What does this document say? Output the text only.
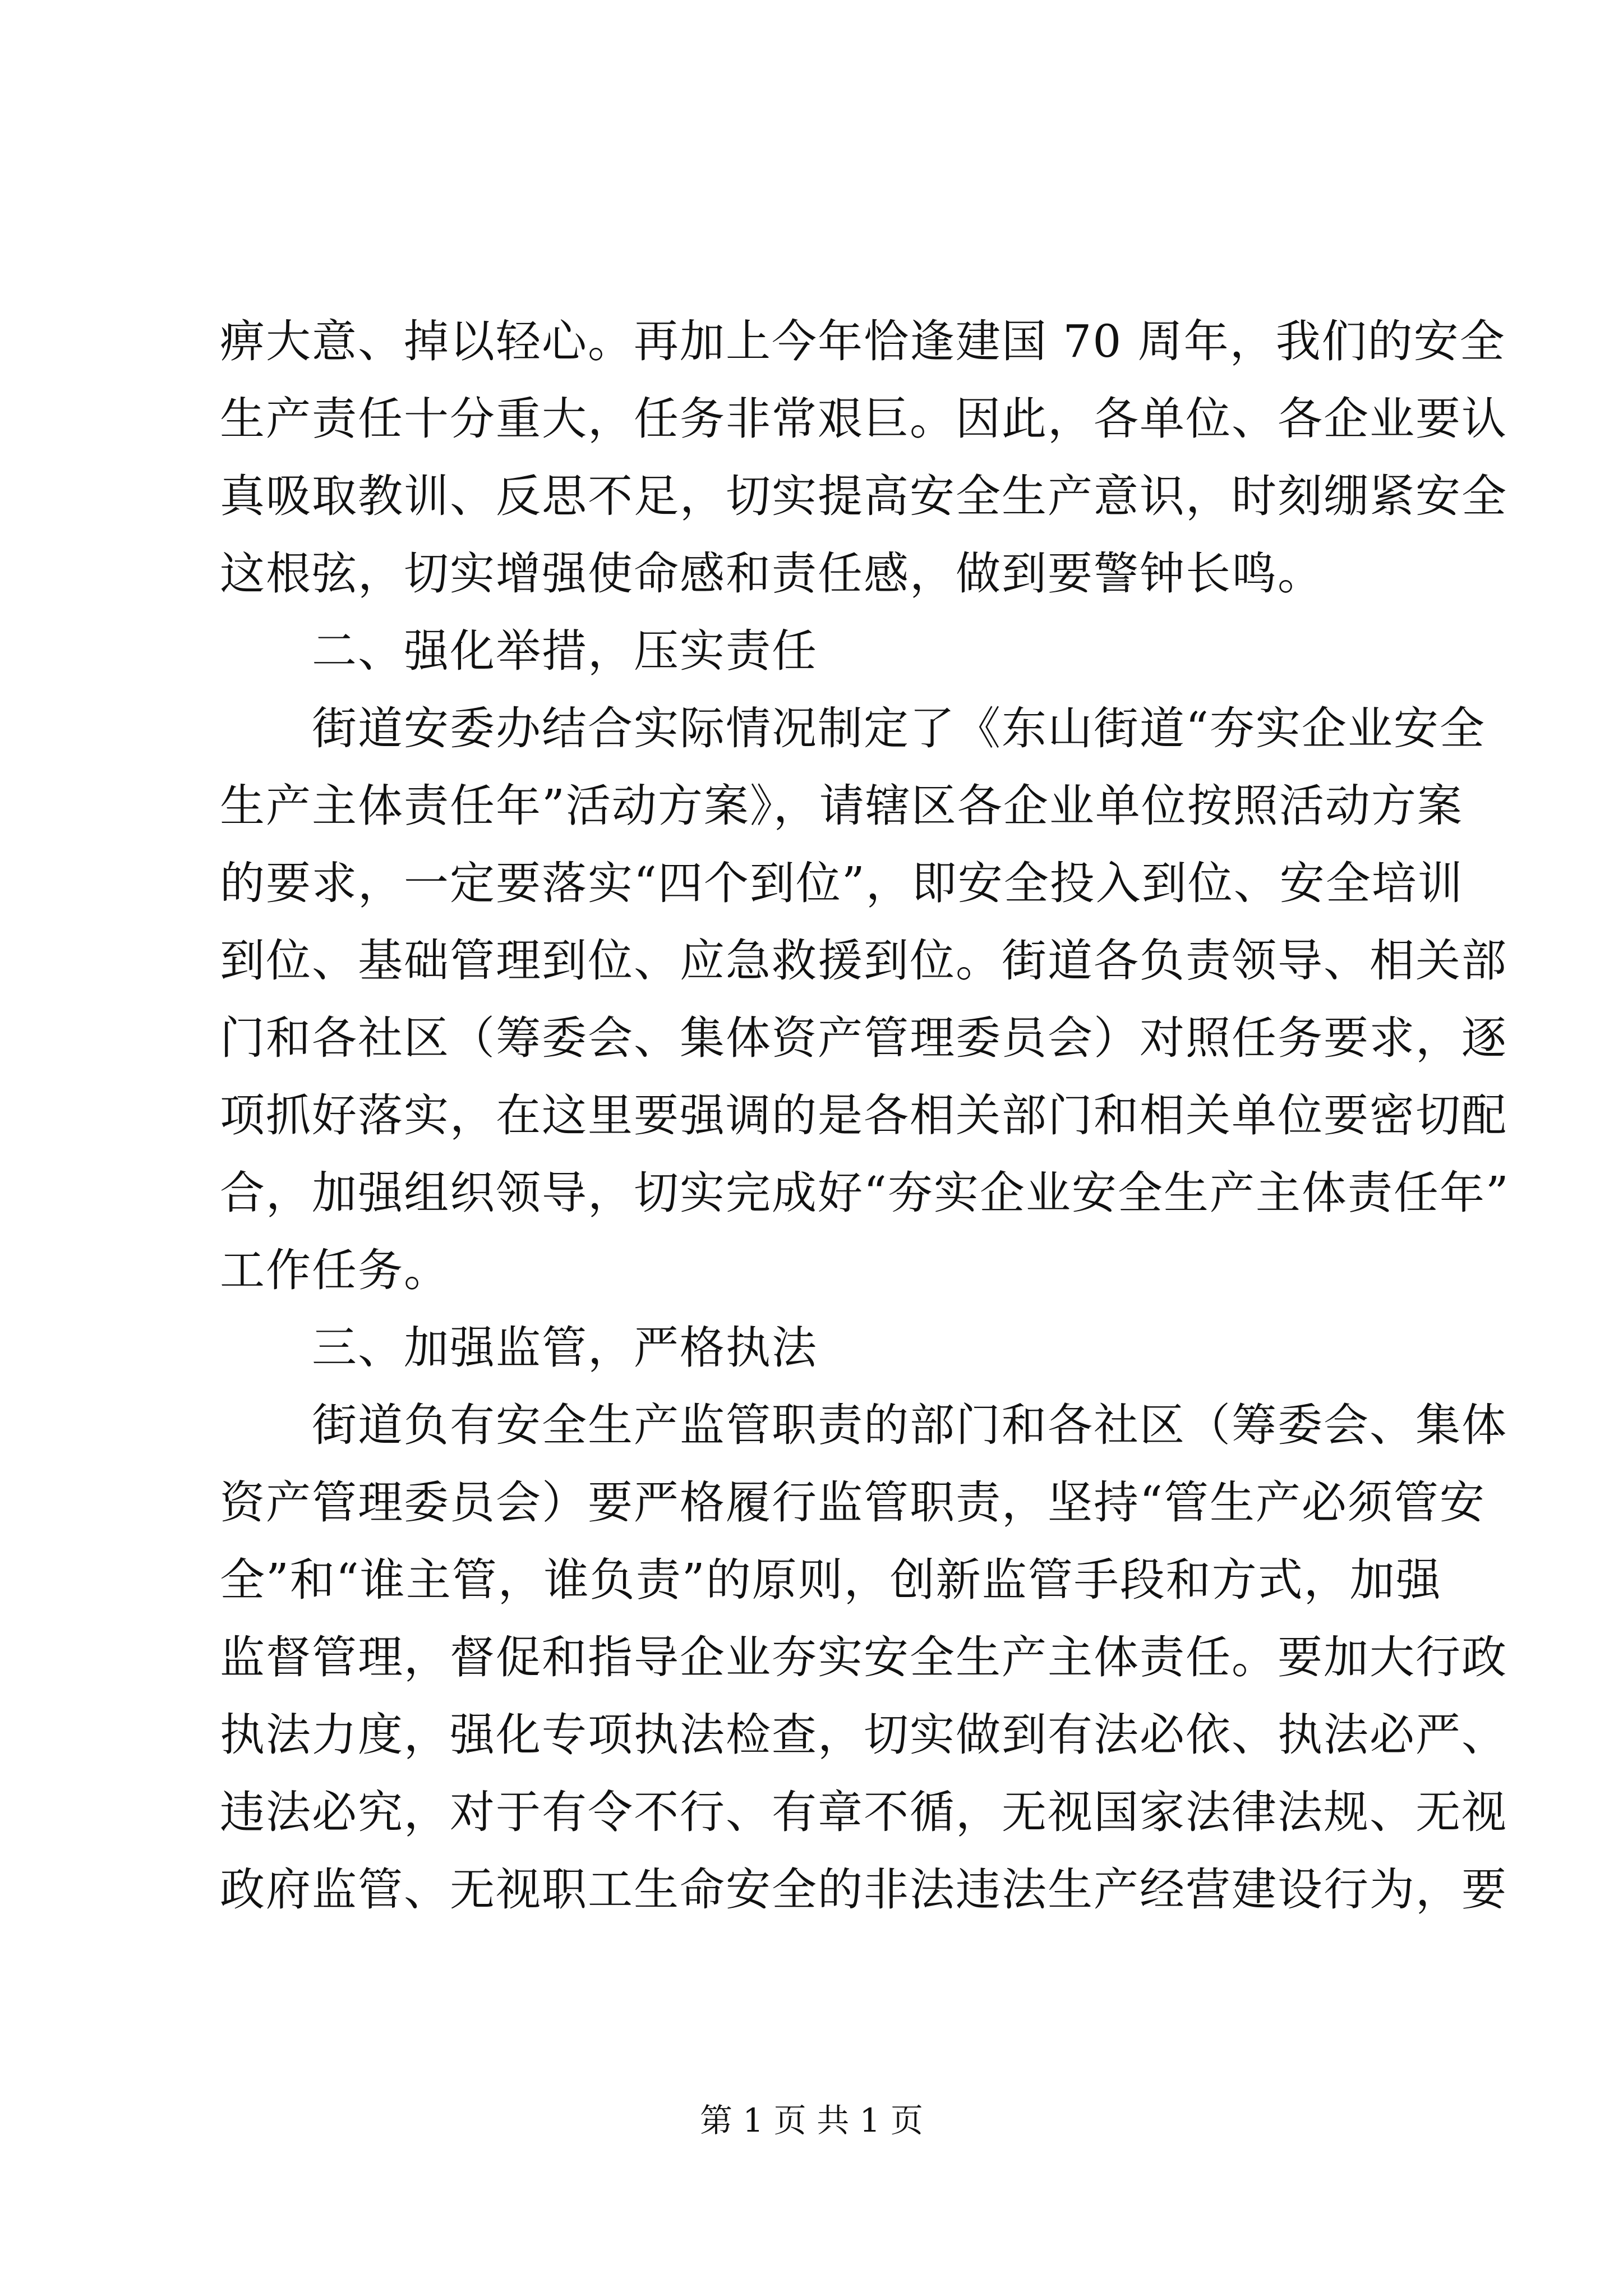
痹大意、掉以轻心。再加上今年恰逢建国 70 周年，我们的安全
生产责任十分重大，任务非常艰巨。因此，各单位、各企业要认
真吸取教训、反思不足，切实提高安全生产意识，时刻绷紧安全
这根弦，切实增强使命感和责任感，做到要警钟长鸣。
　　二、强化举措，压实责任
　　街道安委办结合实际情况制定了《东山街道“夯实企业安全
生产主体责任年”活动方案》，请辖区各企业单位按照活动方案
的要求，一定要落实“四个到位”，即安全投入到位、安全培训
到位、基础管理到位、应急救援到位。街道各负责领导、相关部
门和各社区（筹委会、集体资产管理委员会）对照任务要求，逐
项抓好落实，在这里要强调的是各相关部门和相关单位要密切配
合，加强组织领导，切实完成好“夯实企业安全生产主体责任年”
工作任务。
　　三、加强监管，严格执法
　　街道负有安全生产监管职责的部门和各社区（筹委会、集体
资产管理委员会）要严格履行监管职责，坚持“管生产必须管安
全”和“谁主管，谁负责”的原则，创新监管手段和方式，加强
监督管理，督促和指导企业夯实安全生产主体责任。要加大行政
执法力度，强化专项执法检查，切实做到有法必依、执法必严、
违法必究，对于有令不行、有章不循，无视国家法律法规、无视
政府监管、无视职工生命安全的非法违法生产经营建设行为，要
第 1 页 共 1 页
